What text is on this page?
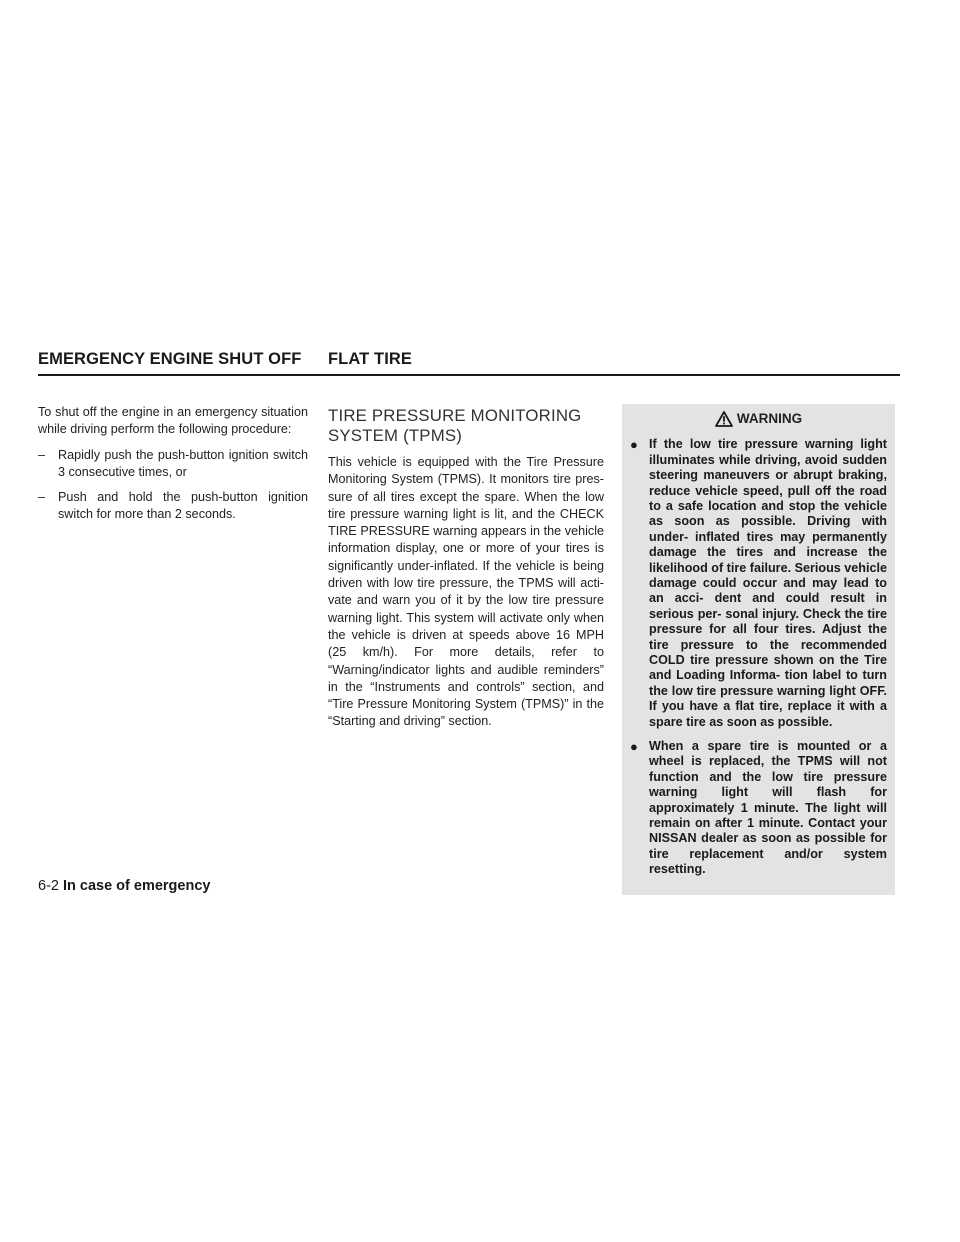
EMERGENCY ENGINE SHUT OFF FLAT TIRE

To shut off the engine in an emergency situation while driving perform the following procedure:

– Rapidly push the push-button ignition switch 3 consecutive times, or
– Push and hold the push-button ignition switch for more than 2 seconds.
TIRE PRESSURE MONITORING SYSTEM (TPMS)

This vehicle is equipped with the Tire Pressure Monitoring System (TPMS). It monitors tire pres- sure of all tires except the spare. When the low tire pressure warning light is lit, and the CHECK TIRE PRESSURE warning appears in the vehicle information display, one or more of your tires is significantly under-inflated. If the vehicle is being driven with low tire pressure, the TPMS will acti- vate and warn you of it by the low tire pressure warning light. This system will activate only when the vehicle is driven at speeds above 16 MPH (25 km/h). For more details, refer to “Warning/indicator lights and audible reminders” in the “Instruments and controls” section, and “Tire Pressure Monitoring System (TPMS)” in the “Starting and driving” section.

WARNING
● If the low tire pressure warning light illuminates while driving, avoid sudden steering maneuvers or abrupt braking, reduce vehicle speed, pull off the road to a safe location and stop the vehicle as soon as possible. Driving with under- inflated tires may permanently damage the tires and increase the likelihood of tire failure. Serious vehicle damage could occur and may lead to an acci- dent and could result in serious per- sonal injury. Check the tire pressure for all four tires. Adjust the tire pressure to the recommended COLD tire pressure shown on the Tire and Loading Informa- tion label to turn the low tire pressure warning light OFF. If you have a flat tire, replace it with a spare tire as soon as possible.
● When a spare tire is mounted or a wheel is replaced, the TPMS will not function and the low tire pressure warning light will flash for approximately 1 minute. The light will remain on after 1 minute. Contact your NISSAN dealer as soon as possible for tire replacement and/or system resetting.
6-2 In case of emergency
